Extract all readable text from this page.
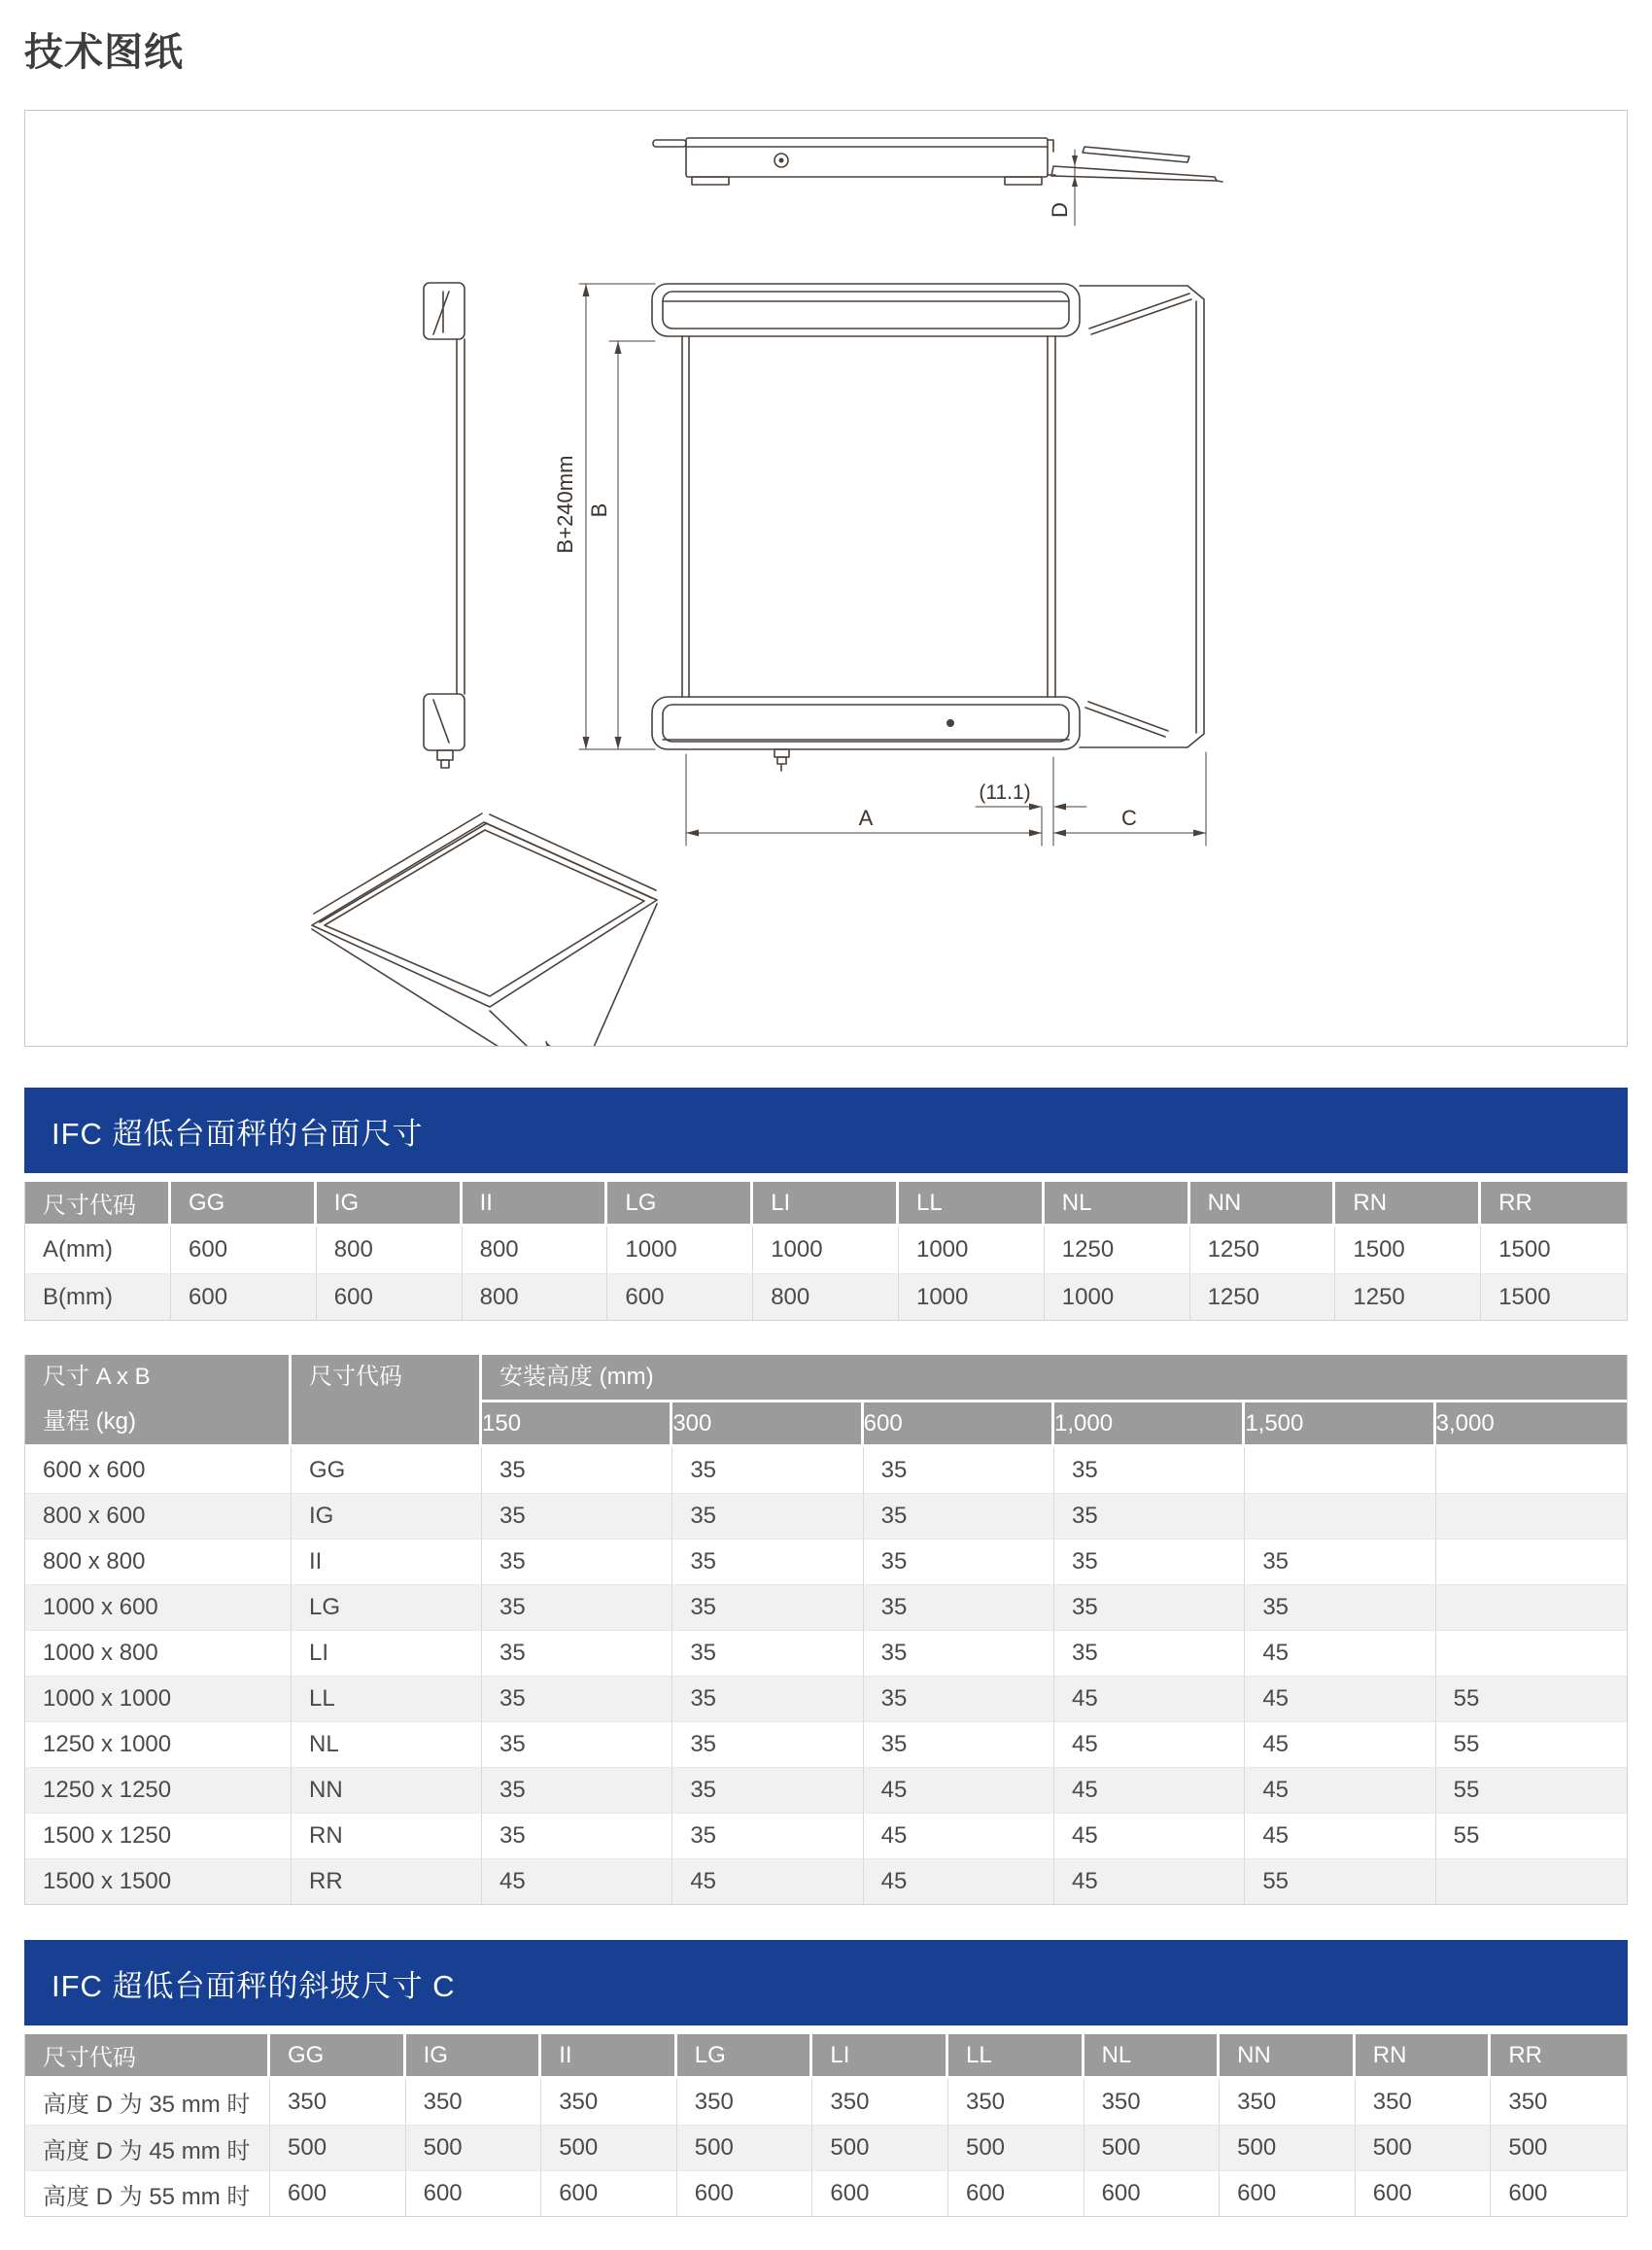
技术图纸
D
B+240mm B
A
(11.1)
C
IFC 超低台面秤的台面尺寸
尺寸代码	GG	IG	II	LG	LI	LL	NL	NN	RN	RR
A(mm)	600	800	800	1000	1000	1000	1250	1250	1500	1500
B(mm)	600	600	800	600	800	1000	1000	1250	1250	1500
尺寸 A x B
量程 (kg)	尺寸代码	安装高度 (mm)					

		150	300	600	1,000	1,500	3,000
600 x 600	GG	35	35	35	35		
800 x 600	IG	35	35	35	35		
800 x 800	II	35	35	35	35	35	
1000 x 600	LG	35	35	35	35	35	
1000 x 800	LI	35	35	35	35	45	
1000 x 1000	LL	35	35	35	45	45	55
1250 x 1000	NL	35	35	35	45	45	55
1250 x 1250	NN	35	35	45	45	45	55
1500 x 1250	RN	35	35	45	45	45	55
1500 x 1500	RR	45	45	45	45	55	
IFC 超低台面秤的斜坡尺寸 C
尺寸代码	GG	IG	II	LG	LI	LL	NL	NN	RN	RR
高度 D 为 35 mm 时	350	350	350	350	350	350	350	350	350	350
高度 D 为 45 mm 时	500	500	500	500	500	500	500	500	500	500
高度 D 为 55 mm 时	600	600	600	600	600	600	600	600	600	600
